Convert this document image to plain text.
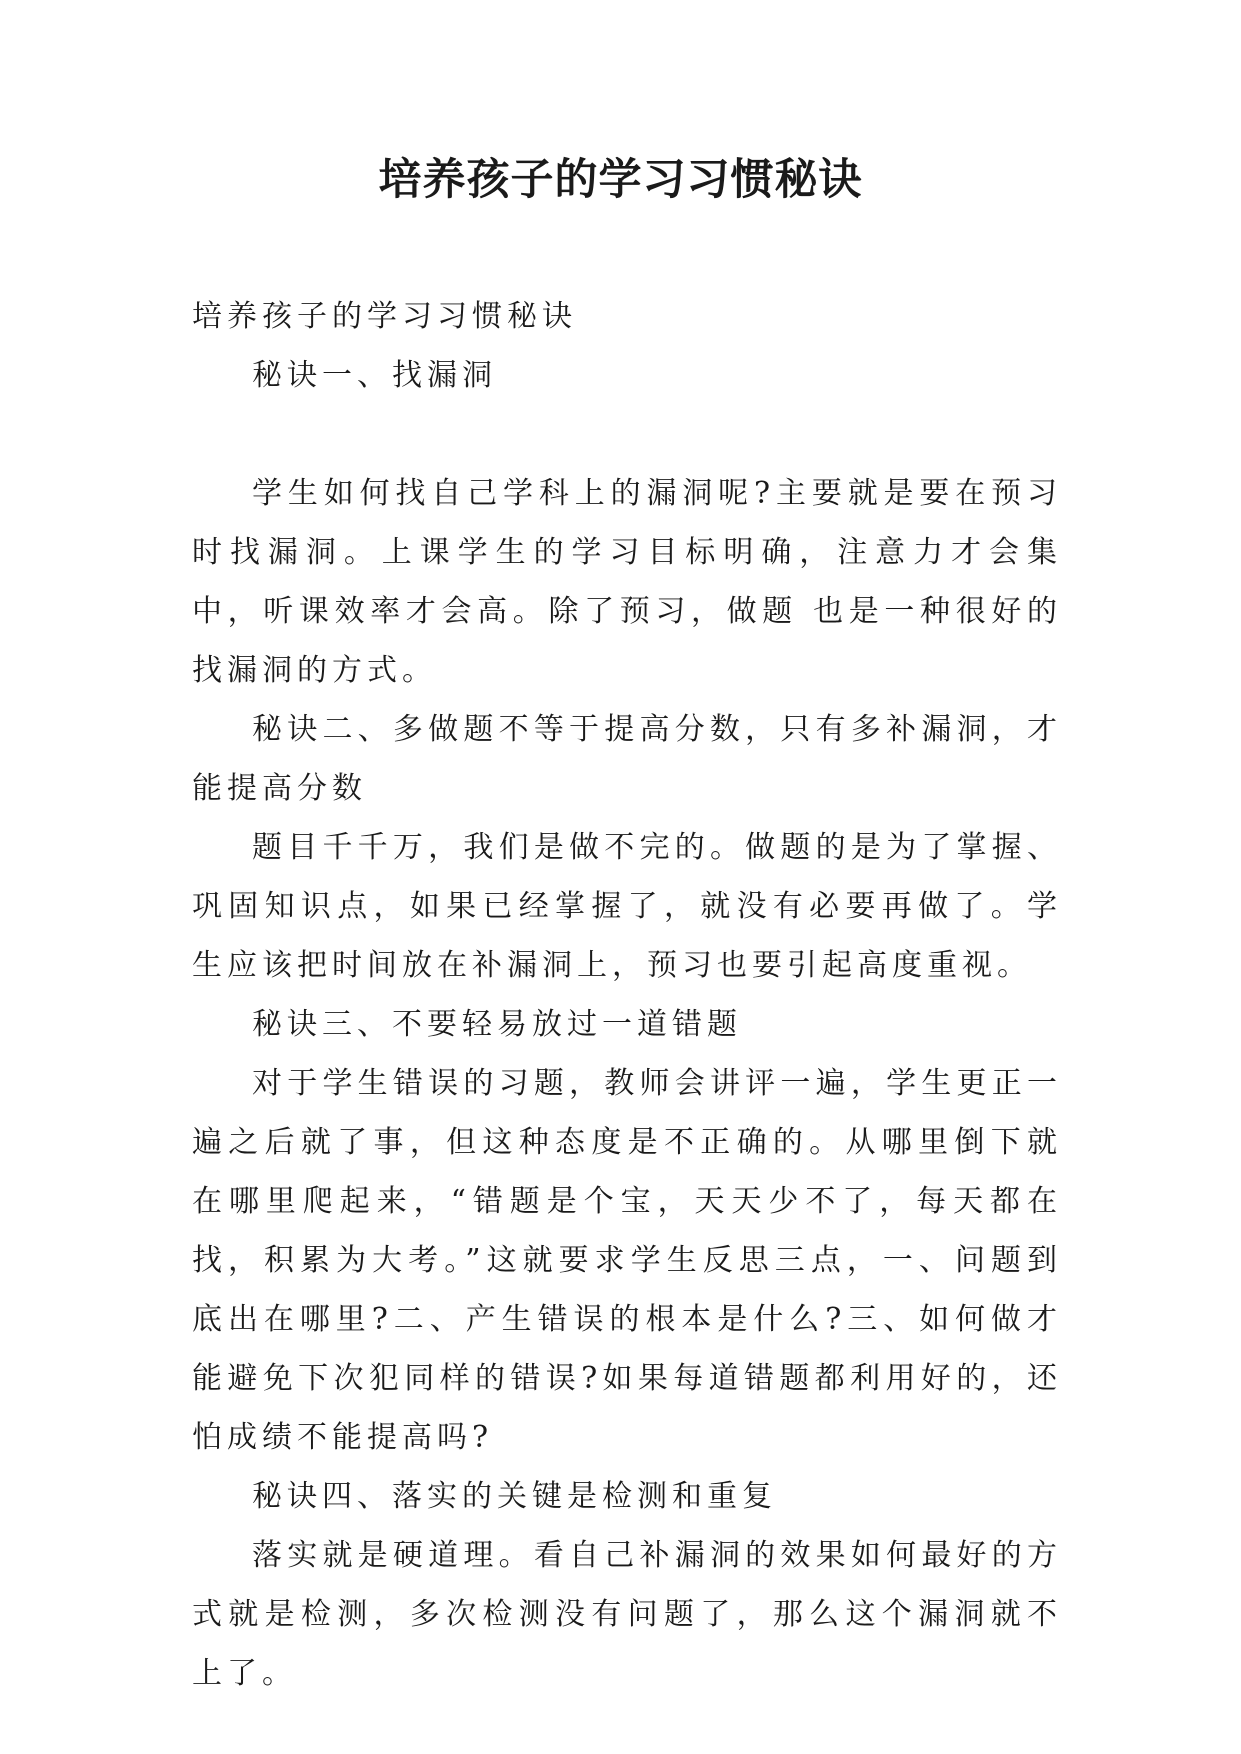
培养孩子的学习习惯秘诀

培养孩子的学习习惯秘诀

秘诀一、找漏洞

学生如何找自己学科上的漏洞呢?主要就是要在预习 时找漏洞。上课学生的学习目标明确，注意力才会集中，听课效率才会高。除了预习，做题 也是一种很好的找漏洞的方式。

秘诀二、多做题不等于提高分数，只有多补漏洞，才能提高分数

题目千千万，我们是做不完的。做题的是为了掌握、巩固知识点，如果已经掌握了，就没有必要再做了。学生应该把时间放在补漏洞上，预习也要引起高度重视。

秘诀三、不要轻易放过一道错题

对于学生错误的习题，教师会讲评一遍，学生更正一遍之后就了事，但这种态度是不正确的。从哪里倒下就在哪里爬起来，“错题是个宝，天天少不了，每天都在找，积累为大考。”这就要求学生反思三点，一、问题到底出在哪里?二、产生错误的根本是什么?三、如何做才能避免下次犯同样的错误?如果每道错题都利用好的，还怕成绩不能提高吗?

秘诀四、落实的关键是检测和重复

落实就是硬道理。看自己补漏洞的效果如何最好的方式就是检测，多次检测没有问题了，那么这个漏洞就不上了。
